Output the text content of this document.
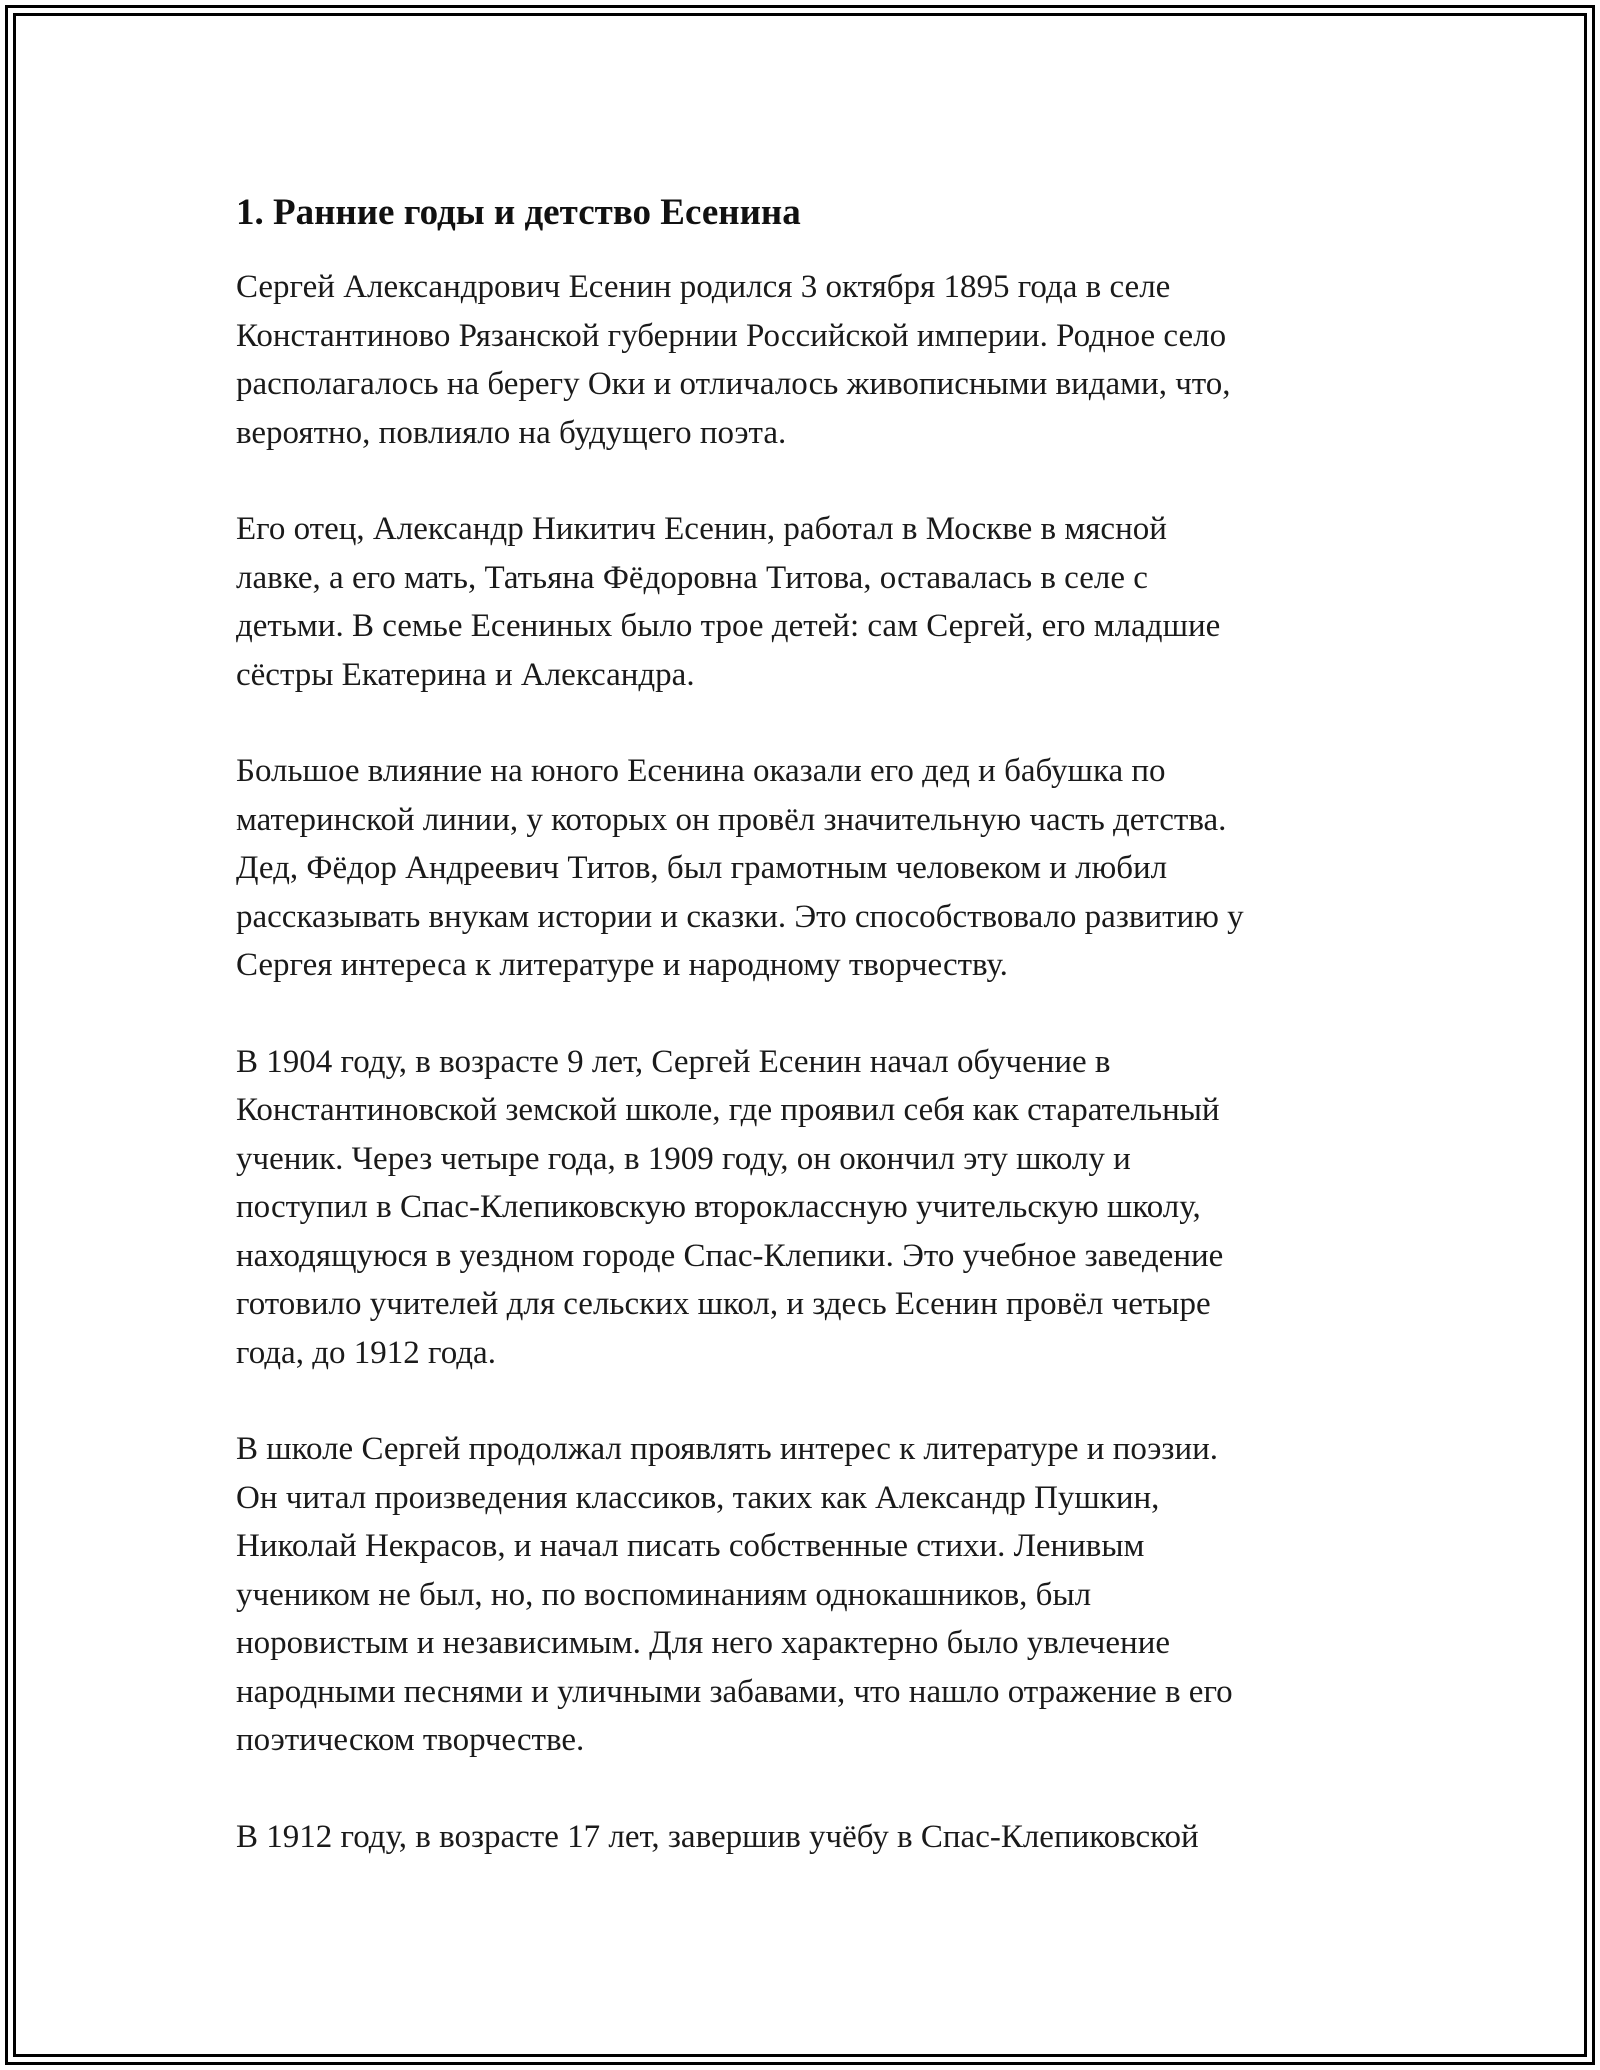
1. Ранние годы и детство Есенина

Сергей Александрович Есенин родился 3 октября 1895 года в селе
Константиново Рязанской губернии Российской империи. Родное село
располагалось на берегу Оки и отличалось живописными видами, что,
вероятно, повлияло на будущего поэта.

Его отец, Александр Никитич Есенин, работал в Москве в мясной
лавке, а его мать, Татьяна Фёдоровна Титова, оставалась в селе с
детьми. В семье Есениных было трое детей: сам Сергей, его младшие
сёстры Екатерина и Александра.

Большое влияние на юного Есенина оказали его дед и бабушка по
материнской линии, у которых он провёл значительную часть детства.
Дед, Фёдор Андреевич Титов, был грамотным человеком и любил
рассказывать внукам истории и сказки. Это способствовало развитию у
Сергея интереса к литературе и народному творчеству.

В 1904 году, в возрасте 9 лет, Сергей Есенин начал обучение в
Константиновской земской школе, где проявил себя как старательный
ученик. Через четыре года, в 1909 году, он окончил эту школу и
поступил в Спас-Клепиковскую второклассную учительскую школу,
находящуюся в уездном городе Спас-Клепики. Это учебное заведение
готовило учителей для сельских школ, и здесь Есенин провёл четыре
года, до 1912 года.

В школе Сергей продолжал проявлять интерес к литературе и поэзии.
Он читал произведения классиков, таких как Александр Пушкин,
Николай Некрасов, и начал писать собственные стихи. Ленивым
учеником не был, но, по воспоминаниям однокашников, был
норовистым и независимым. Для него характерно было увлечение
народными песнями и уличными забавами, что нашло отражение в его
поэтическом творчестве.

В 1912 году, в возрасте 17 лет, завершив учёбу в Спас-Клепиковской
